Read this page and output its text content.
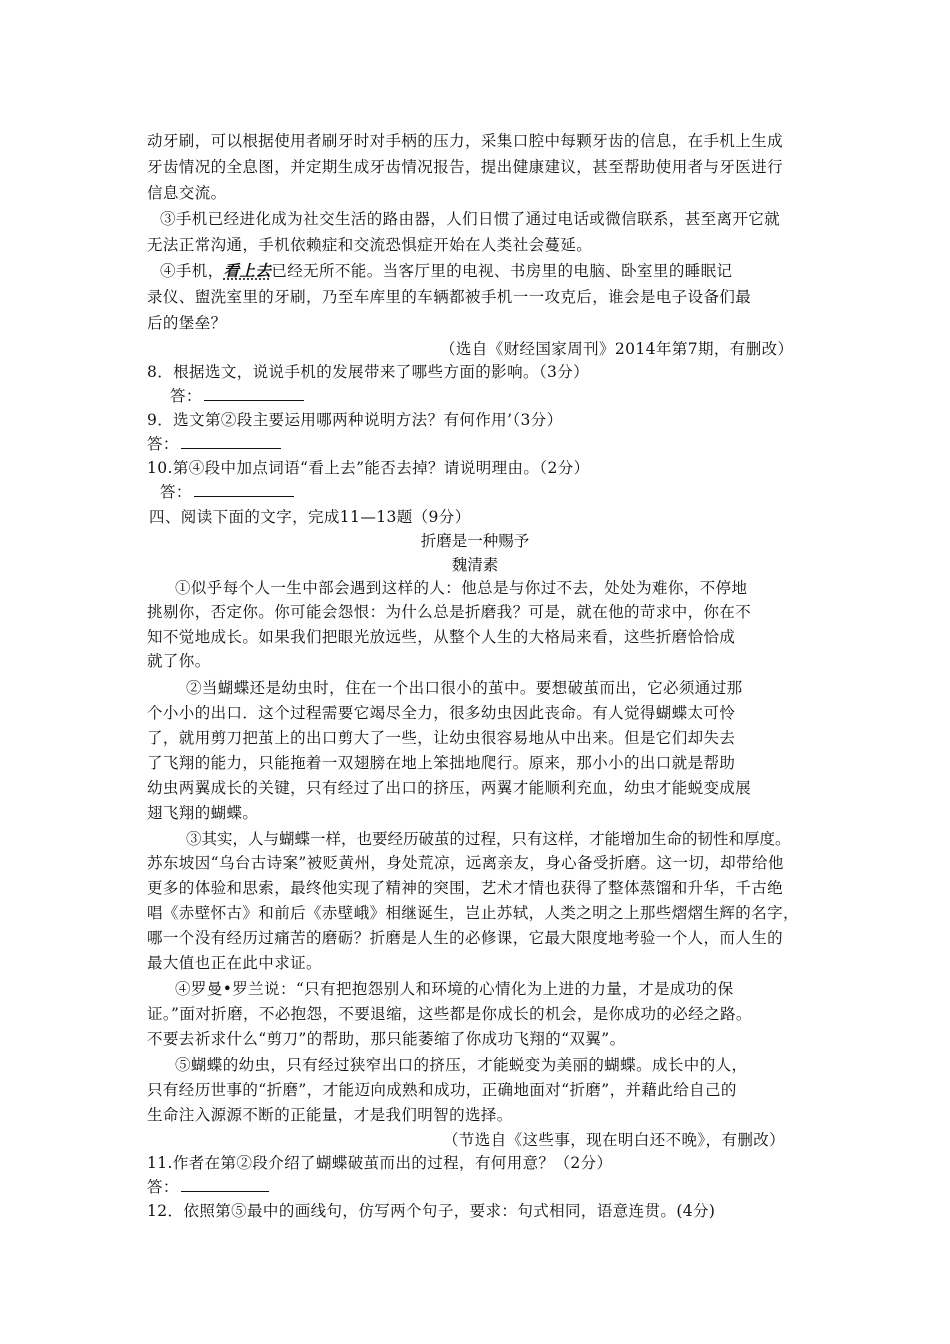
动牙刷，可以根据使用者刷牙时对手柄的压力，采集口腔中每颗牙齿的信息，在手机上生成
牙齿情况的全息图，并定期生成牙齿情况报告，提出健康建议，甚至帮助使用者与牙医进行
信息交流。
③手机已经进化成为社交生活的路由器，人们日惯了通过电话或微信联系，甚至离开它就
无法正常沟通，手机依赖症和交流恐惧症开始在人类社会蔓延。
④手机，看上去已经无所不能。当客厅里的电视、书房里的电脑、卧室里的睡眠记
录仪、盥洗室里的牙刷，乃至车库里的车辆都被手机一一攻克后，谁会是电子设备们最
后的堡垒？
（选自《财经国家周刊》2014年第7期，有删改）
8．根据选文，说说手机的发展带来了哪些方面的影响。（3分）
答：
9．选文第②段主要运用哪两种说明方法？有何作用’（3分）
答：
10.第④段中加点词语“看上去”能否去掉？请说明理由。（2分）
答：
四、阅读下面的文字，完成11—13题（9分）
折磨是一种赐予
魏清素
①似乎每个人一生中部会遇到这样的人：他总是与你过不去，处处为难你，不停地
挑剔你，否定你。你可能会怨恨：为什么总是折磨我？可是，就在他的苛求中，你在不
知不觉地成长。如果我们把眼光放远些，从整个人生的大格局来看，这些折磨恰恰成
就了你。
②当蝴蝶还是幼虫时，住在一个出口很小的茧中。要想破茧而出，它必须通过那
个小小的出口．这个过程需要它竭尽全力，很多幼虫因此丧命。有人觉得蝴蝶太可怜
了，就用剪刀把茧上的出口剪大了一些，让幼虫很容易地从中出来。但是它们却失去
了飞翔的能力，只能拖着一双翅膀在地上笨拙地爬行。原来，那小小的出口就是帮助
幼虫两翼成长的关键，只有经过了出口的挤压，两翼才能顺利充血，幼虫才能蜕变成展
翅飞翔的蝴蝶。
③其实，人与蝴蝶一样，也要经历破茧的过程，只有这样，才能增加生命的韧性和厚度。
苏东坡因“乌台古诗案”被贬黄州，身处荒凉，远离亲友，身心备受折磨。这一切，却带给他
更多的体验和思索，最终他实现了精神的突围，艺术才情也获得了整体蒸馏和升华，千古绝
唱《赤壁怀古》和前后《赤壁峨》相继诞生，岂止苏轼，人类之明之上那些熠熠生辉的名字，
哪一个没有经历过痛苦的磨砺？折磨是人生的必修课，它最大限度地考验一个人，而人生的
最大值也正在此中求证。
④罗曼•罗兰说：“只有把抱怨别人和环境的心情化为上进的力量，才是成功的保
证。”面对折磨，不必抱怨，不要退缩，这些都是你成长的机会，是你成功的必经之路。
不要去祈求什么“剪刀”的帮助，那只能萎缩了你成功飞翔的“双翼”。
⑤蝴蝶的幼虫，只有经过狭窄出口的挤压，才能蜕变为美丽的蝴蝶。成长中的人，
只有经历世事的“折磨”，才能迈向成熟和成功，正确地面对“折磨”，并藉此给自己的
生命注入源源不断的正能量，才是我们明智的选择。
（节选自《这些事，现在明白还不晚》，有删改）
11.作者在第②段介绍了蝴蝶破茧而出的过程，有何用意？（2分）
答：
12．依照第⑤最中的画线句，仿写两个句子，要求：句式相同，语意连贯。(4分)
